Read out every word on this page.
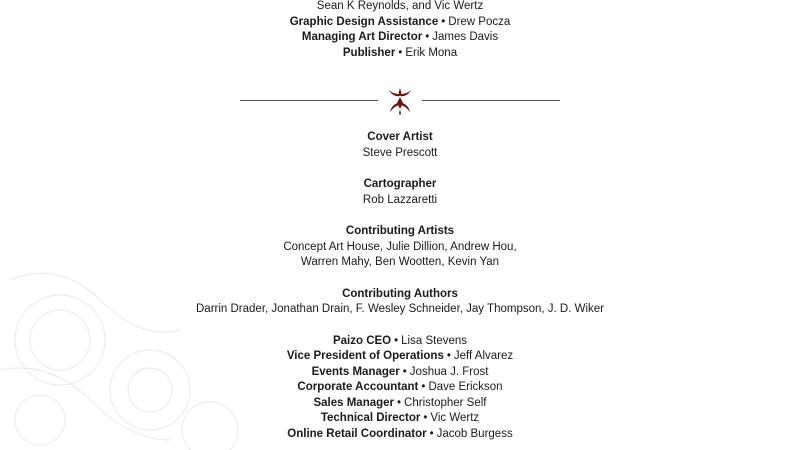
Sean K Reynolds, and Vic Wertz
Graphic Design Assistance • Drew Pocza
Managing Art Director • James Davis
Publisher • Erik Mona
Cover Artist
Steve Prescott
Cartographer
Rob Lazzaretti
Contributing Artists
Concept Art House, Julie Dillion, Andrew Hou,
Warren Mahy, Ben Wootten, Kevin Yan
Contributing Authors
Darrin Drader, Jonathan Drain, F. Wesley Schneider, Jay Thompson, J. D. Wiker
Paizo CEO • Lisa Stevens
Vice President of Operations • Jeff Alvarez
Events Manager • Joshua J. Frost
Corporate Accountant • Dave Erickson
Sales Manager • Christopher Self
Technical Director • Vic Wertz
Online Retail Coordinator • Jacob Burgess
